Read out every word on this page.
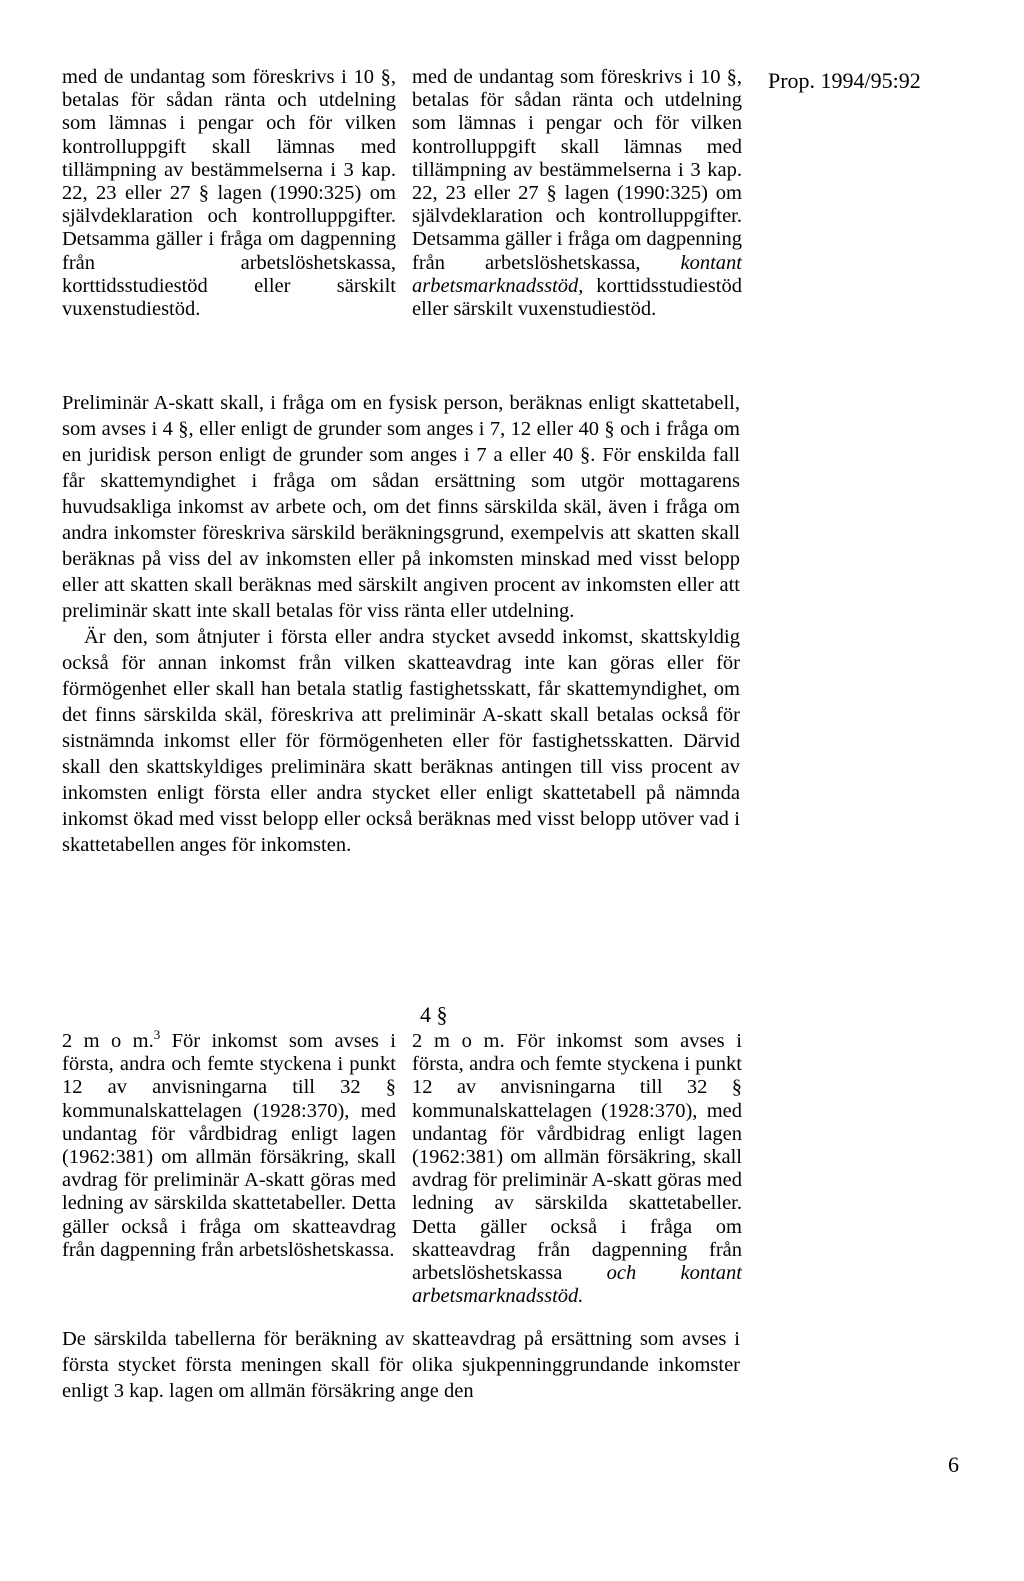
Prop. 1994/95:92

med de undantag som föreskrivs i 10 §, betalas för sådan ränta och utdelning som lämnas i pengar och för vilken kontrolluppgift skall lämnas med tillämpning av bestämmelserna i 3 kap. 22, 23 eller 27 § lagen (1990:325) om självdeklaration och kontrolluppgifter. Detsamma gäller i fråga om dagpenning från arbetslöshetskassa, korttidsstudiestöd eller särskilt vuxenstudiestöd.

med de undantag som föreskrivs i 10 §, betalas för sådan ränta och utdelning som lämnas i pengar och för vilken kontrolluppgift skall lämnas med tillämpning av bestämmelserna i 3 kap. 22, 23 eller 27 § lagen (1990:325) om självdeklaration och kontrolluppgifter. Detsamma gäller i fråga om dagpenning från arbetslöshetskassa, kontant arbetsmarknadsstöd, korttidsstudiestöd eller särskilt vuxenstudiestöd.

Preliminär A-skatt skall, i fråga om en fysisk person, beräknas enligt skattetabell, som avses i 4 §, eller enligt de grunder som anges i 7, 12 eller 40 § och i fråga om en juridisk person enligt de grunder som anges i 7 a eller 40 §. För enskilda fall får skattemyndighet i fråga om sådan ersättning som utgör mottagarens huvudsakliga inkomst av arbete och, om det finns särskilda skäl, även i fråga om andra inkomster föreskriva särskild beräkningsgrund, exempelvis att skatten skall beräknas på viss del av inkomsten eller på inkomsten minskad med visst belopp eller att skatten skall beräknas med särskilt angiven procent av inkomsten eller att preliminär skatt inte skall betalas för viss ränta eller utdelning.

Är den, som åtnjuter i första eller andra stycket avsedd inkomst, skattskyldig också för annan inkomst från vilken skatteavdrag inte kan göras eller för förmögenhet eller skall han betala statlig fastighetsskatt, får skattemyndighet, om det finns särskilda skäl, föreskriva att preliminär A-skatt skall betalas också för sistnämnda inkomst eller för förmögenheten eller för fastighetsskatten. Därvid skall den skattskyldiges preliminära skatt beräknas antingen till viss procent av inkomsten enligt första eller andra stycket eller enligt skattetabell på nämnda inkomst ökad med visst belopp eller också beräknas med visst belopp utöver vad i skattetabellen anges för inkomsten.

4 §

2 m o m.$^3$ För inkomst som avses i första, andra och femte styckena i punkt 12 av anvisningarna till 32 § kommunalskattelagen (1928:370), med undantag för vårdbidrag enligt lagen (1962:381) om allmän försäkring, skall avdrag för preliminär A-skatt göras med ledning av särskilda skattetabeller. Detta gäller också i fråga om skatteavdrag från dagpenning från arbetslöshetskassa.

2 m o m. För inkomst som avses i första, andra och femte styckena i punkt 12 av anvisningarna till 32 § kommunalskattelagen (1928:370), med undantag för vårdbidrag enligt lagen (1962:381) om allmän försäkring, skall avdrag för preliminär A-skatt göras med ledning av särskilda skattetabeller. Detta gäller också i fråga om skatteavdrag från dagpenning från arbetslöshetskassa och kontant arbetsmarknadsstöd.

De särskilda tabellerna för beräkning av skatteavdrag på ersättning som avses i första stycket första meningen skall för olika sjukpenninggrundande inkomster enligt 3 kap. lagen om allmän försäkring ange den

6
